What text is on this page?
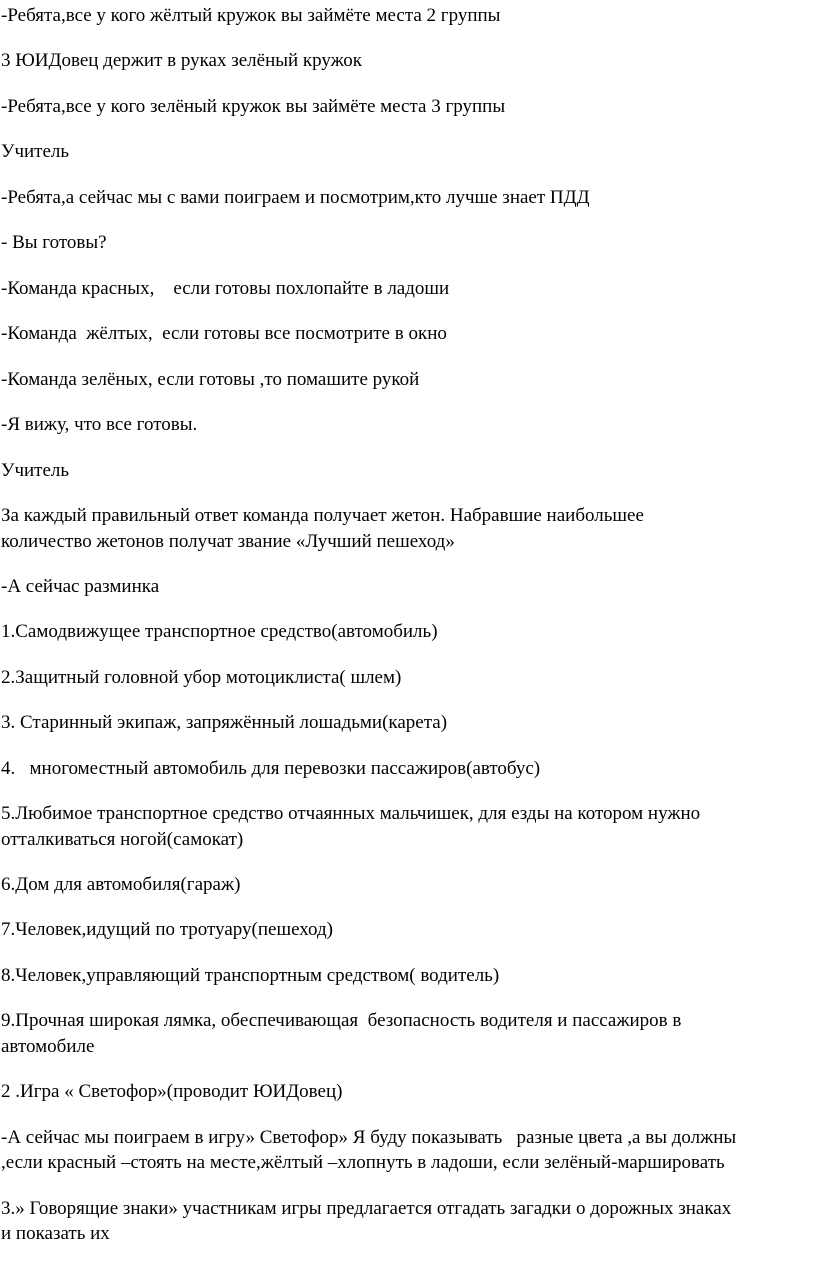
-Ребята,все у кого жёлтый кружок вы займёте места 2 группы
3 ЮИДовец держит в руках зелёный кружок
-Ребята,все у кого зелёный кружок вы займёте места 3 группы
Учитель
-Ребята,а сейчас мы с вами поиграем и посмотрим,кто лучше знает ПДД
- Вы готовы?
-Команда красных,    если готовы похлопайте в ладоши
-Команда  жёлтых,  если готовы все посмотрите в окно
-Команда зелёных, если готовы ,то помашите рукой
-Я вижу, что все готовы.
Учитель
За каждый правильный ответ команда получает жетон. Набравшие наибольшее
количество жетонов получат звание «Лучший пешеход»
-А сейчас разминка
1.Самодвижущее транспортное средство(автомобиль)
2.Защитный головной убор мотоциклиста( шлем)
3. Старинный экипаж, запряжённый лошадьми(карета)
4.   многоместный автомобиль для перевозки пассажиров(автобус)
5.Любимое транспортное средство отчаянных мальчишек, для езды на котором нужно
отталкиваться ногой(самокат)
6.Дом для автомобиля(гараж)
7.Человек,идущий по тротуару(пешеход)
8.Человек,управляющий транспортным средством( водитель)
9.Прочная широкая лямка, обеспечивающая  безопасность водителя и пассажиров в
автомобиле
2 .Игра « Светофор»(проводит ЮИДовец)
-А сейчас мы поиграем в игру» Светофор» Я буду показывать   разные цвета ,а вы должны
,если красный –стоять на месте,жёлтый –хлопнуть в ладоши, если зелёный-маршировать
3.» Говорящие знаки» участникам игры предлагается отгадать загадки о дорожных знаках
и показать их
